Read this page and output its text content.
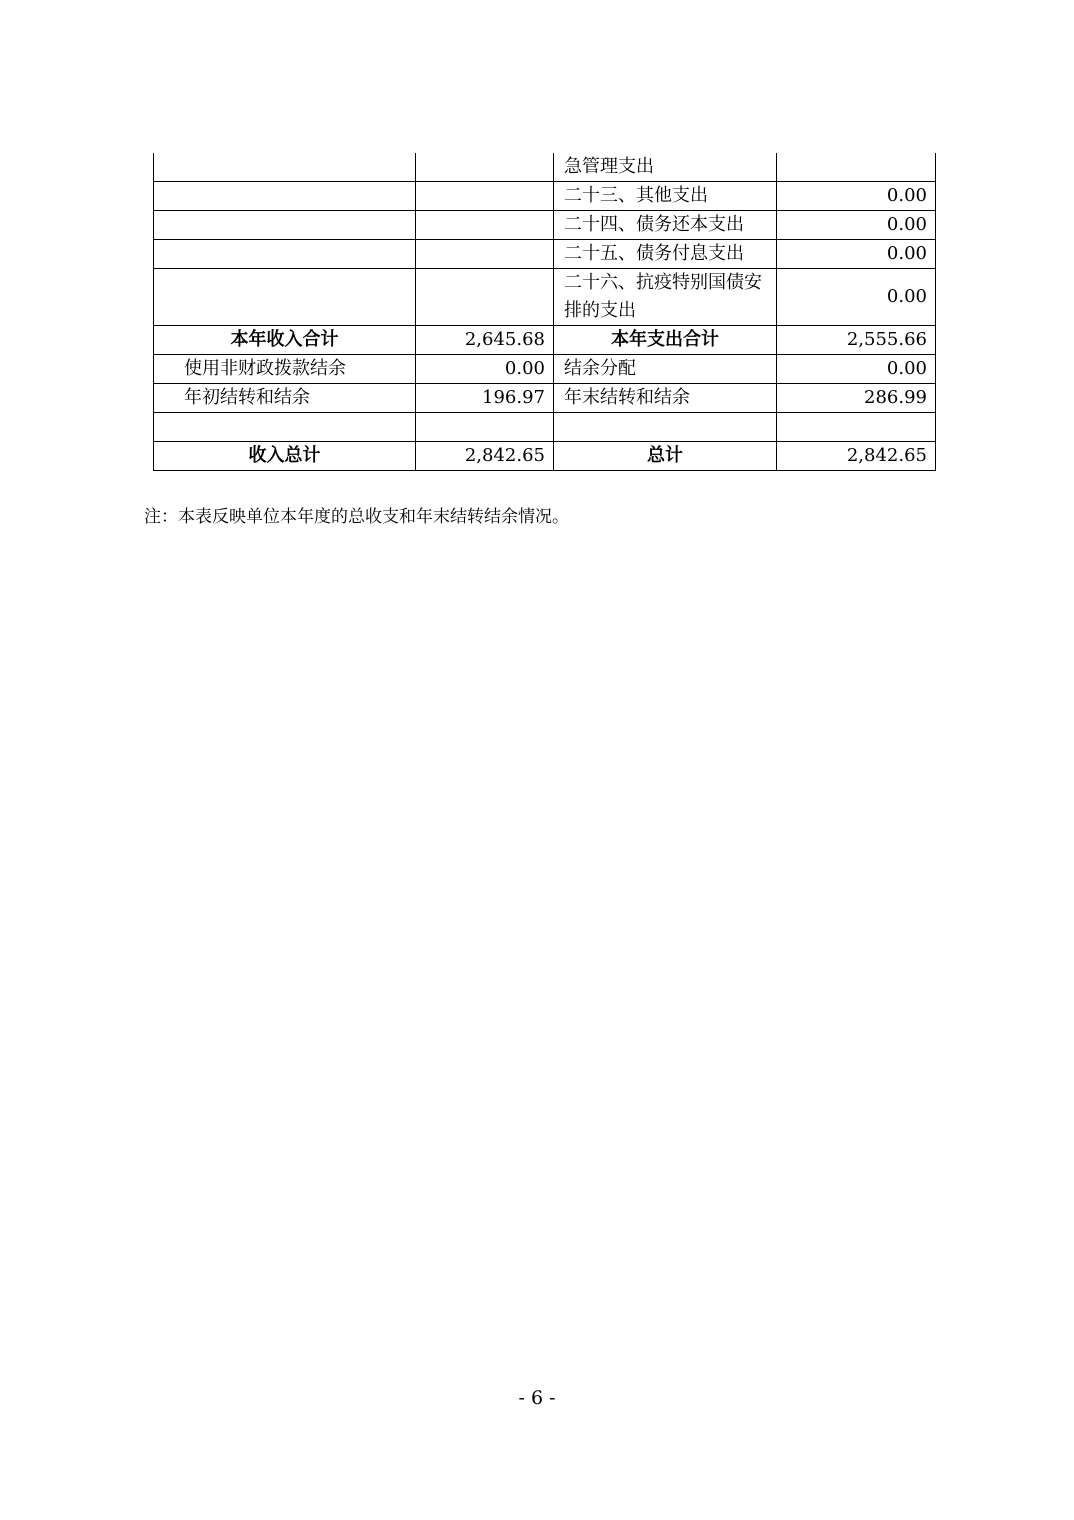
		急管理支出	
		二十三、其他支出	0.00
		二十四、债务还本支出	0.00
		二十五、债务付息支出	0.00
		二十六、抗疫特别国债安排的支出	0.00
本年收入合计	2,645.68	本年支出合计	2,555.66
使用非财政拨款结余	0.00	结余分配	0.00
年初结转和结余	196.97	年末结转和结余	286.99

收入总计	2,842.65	总计	2,842.65
注：本表反映单位本年度的总收支和年末结转结余情况。
- 6 -
